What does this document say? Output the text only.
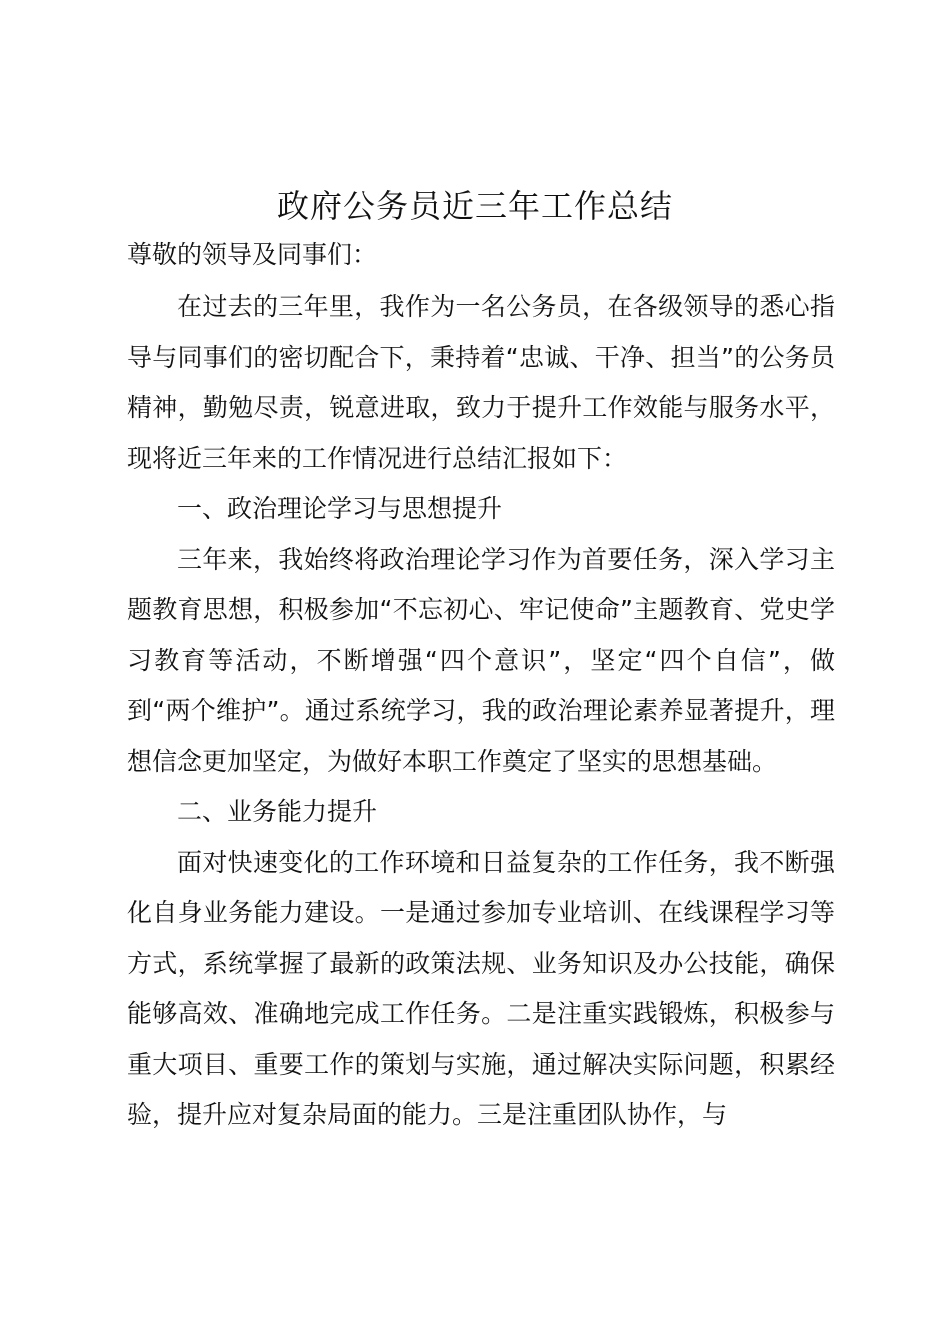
政府公务员近三年工作总结

尊敬的领导及同事们：

在过去的三年里，我作为一名公务员，在各级领导的悉心指导与同事们的密切配合下，秉持着“忠诚、干净、担当”的公务员精神，勤勉尽责，锐意进取，致力于提升工作效能与服务水平，现将近三年来的工作情况进行总结汇报如下：

一、政治理论学习与思想提升

三年来，我始终将政治理论学习作为首要任务，深入学习主题教育思想，积极参加“不忘初心、牢记使命”主题教育、党史学习教育等活动，不断增强“四个意识”，坚定“四个自信”，做到“两个维护”。通过系统学习，我的政治理论素养显著提升，理想信念更加坚定，为做好本职工作奠定了坚实的思想基础。

二、业务能力提升

面对快速变化的工作环境和日益复杂的工作任务，我不断强化自身业务能力建设。一是通过参加专业培训、在线课程学习等方式，系统掌握了最新的政策法规、业务知识及办公技能，确保能够高效、准确地完成工作任务。二是注重实践锻炼，积极参与重大项目、重要工作的策划与实施，通过解决实际问题，积累经验，提升应对复杂局面的能力。三是注重团队协作，与
